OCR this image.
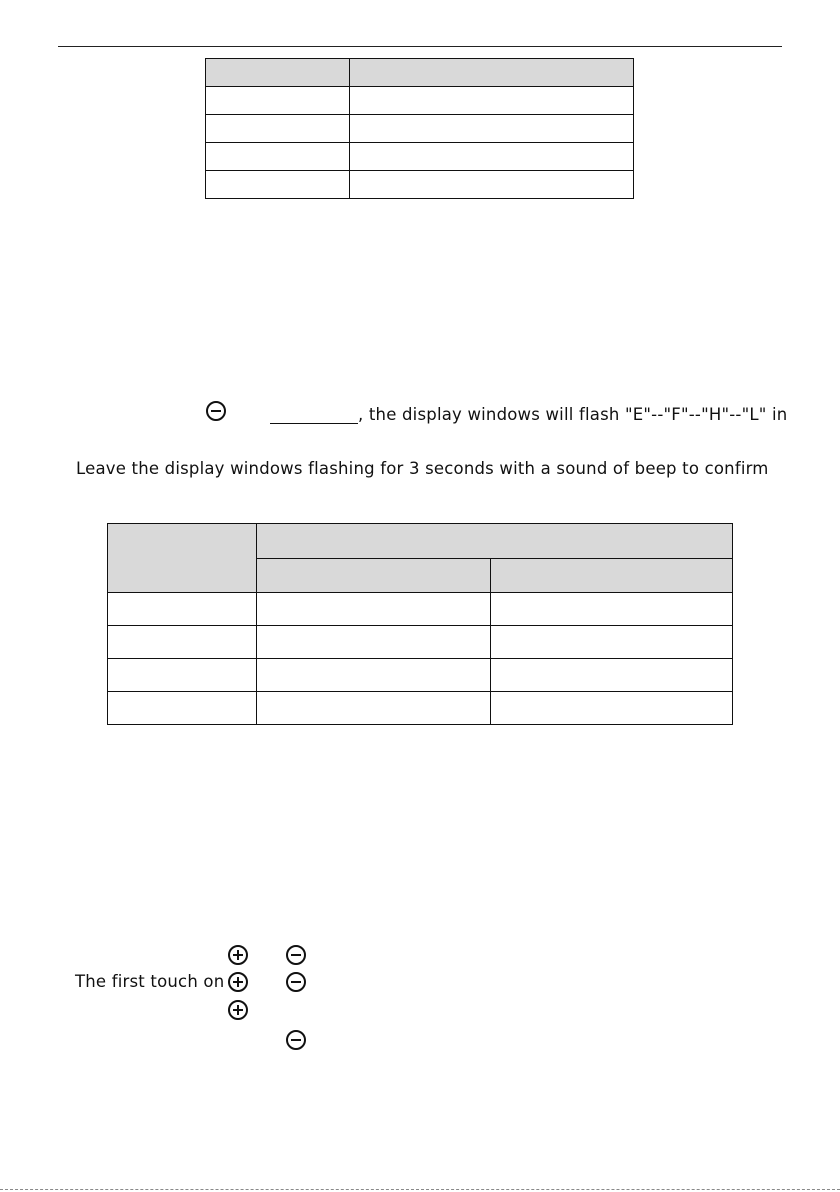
, the display windows will flash "E"--"F"--"H"--"L" in
Leave the display windows flashing for 3 seconds with a sound of beep to confirm

The first touch on
